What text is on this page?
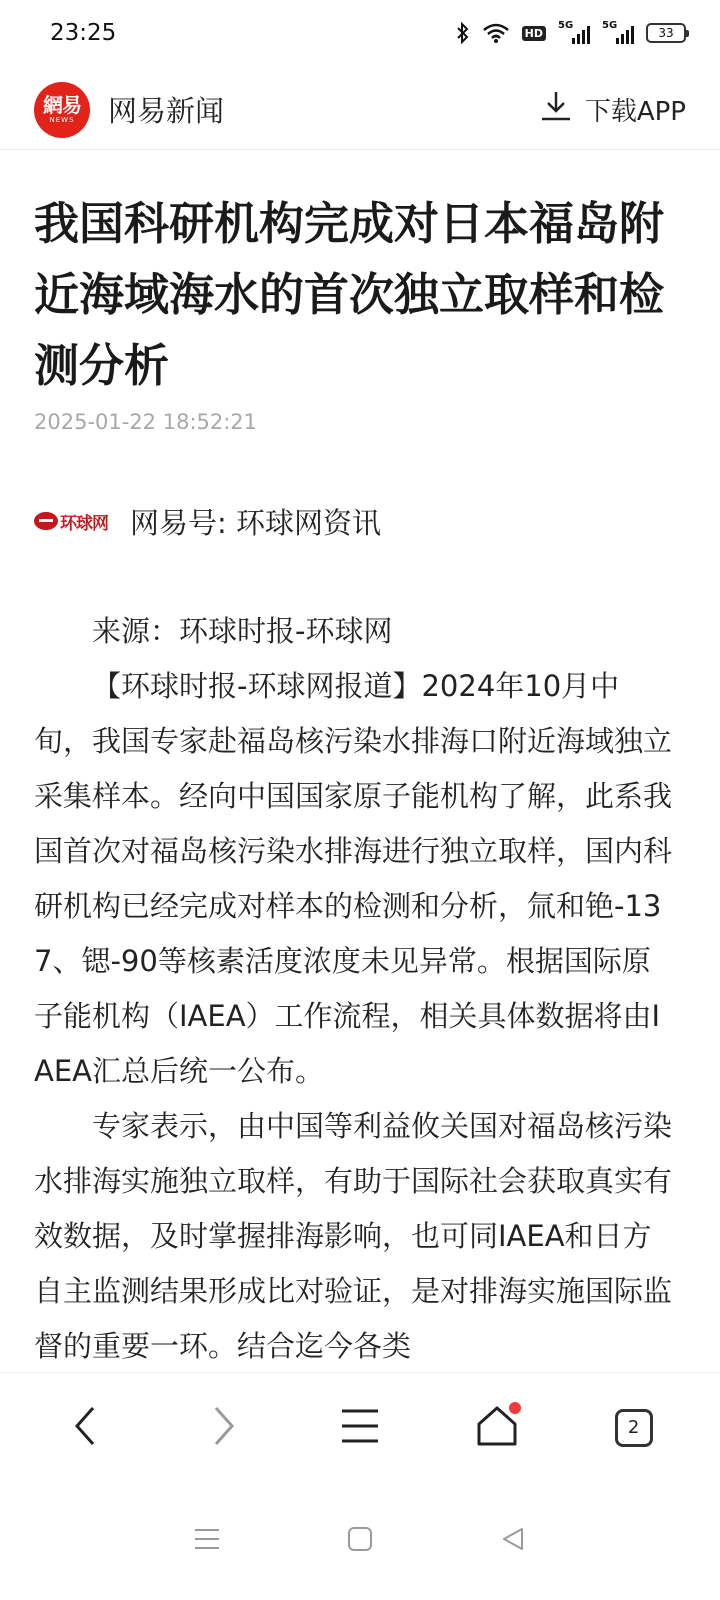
23:25	HD
5G	5G
33
網易
NEWS 网易新闻	下载APP
我国科研机构完成对日本福岛附近海域海水的首次独立取样和检测分析
2025-01-22 18:52:21
环球网 网易号: 环球网资讯

来源：环球时报-环球网

【环球时报-环球网报道】2024年10月中旬，我国专家赴福岛核污染水排海口附近海域独立采集样本。经向中国国家原子能机构了解，此系我国首次对福岛核污染水排海进行独立取样，国内科研机构已经完成对样本的检测和分析，氚和铯-137、锶-90等核素活度浓度未见异常。根据国际原子能机构（IAEA）工作流程，相关具体数据将由IAEA汇总后统一公布。

专家表示，由中国等利益攸关国对福岛核污染水排海实施独立取样，有助于国际社会获取真实有效数据，及时掌握排海影响，也可同IAEA和日方自主监测结果形成比对验证，是对排海实施国际监督的重要一环。结合迄今各类

2
